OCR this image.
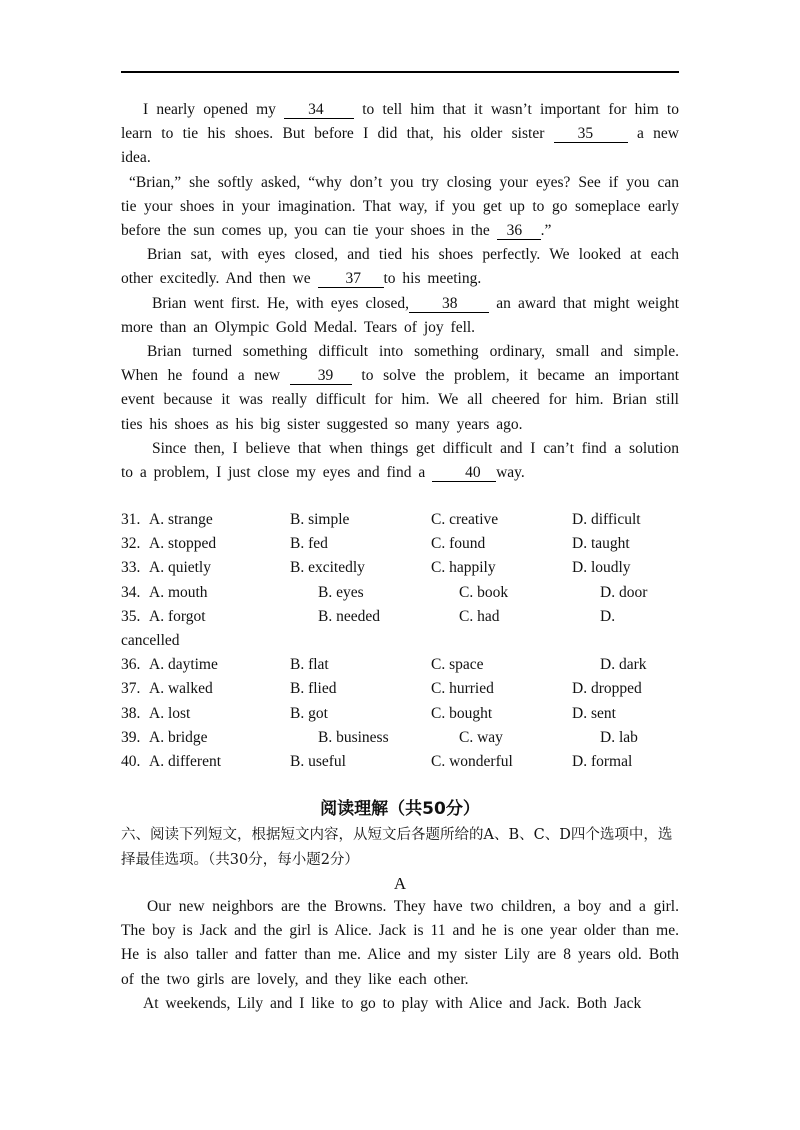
I nearly opened my 34 to tell him that it wasn’t important for him to learn to tie his shoes. But before I did that, his older sister 35 a new idea.

“Brian,” she softly asked, “why don’t you try closing your eyes? See if you can tie your shoes in your imagination. That way, if you get up to go someplace early before the sun comes up, you can tie your shoes in the 36 .”

Brian sat, with eyes closed, and tied his shoes perfectly. We looked at each other excitedly. And then we 37 to his meeting.

Brian went first. He, with eyes closed, 38 an award that might weight more than an Olympic Gold Medal. Tears of joy fell.

Brian turned something difficult into something ordinary, small and simple. When he found a new 39 to solve the problem, it became an important event because it was really difficult for him. We all cheered for him. Brian still ties his shoes as his big sister suggested so many years ago.

Since then, I believe that when things get difficult and I can’t find a solution to a problem, I just close my eyes and find a 40 way.

31. A. strange	B. simple	C. creative	D. difficult
32. A. stopped	B. fed	C. found	D. taught
33. A. quietly	B. excitedly	C. happily	D. loudly
34. A. mouth	B. eyes	C. book	D. door
35. A. forgot	B. needed	C. had	D.
cancelled
36. A. daytime	B. flat	C. space	D. dark
37. A. walked	B. flied	C. hurried	D. dropped
38. A. lost	B. got	C. bought	D. sent
39. A. bridge	B. business	C. way	D. lab
40. A. different	B. useful	C. wonderful	D. formal
阅读理解（共50分）
六、阅读下列短文，根据短文内容，从短文后各题所给的A、B、C、D四个选项中，选择最佳选项。（共30分，每小题2分）
A

Our new neighbors are the Browns. They have two children, a boy and a girl. The boy is Jack and the girl is Alice. Jack is 11 and he is one year older than me. He is also taller and fatter than me. Alice and my sister Lily are 8 years old. Both of the two girls are lovely, and they like each other.

At weekends, Lily and I like to go to play with Alice and Jack. Both Jack
